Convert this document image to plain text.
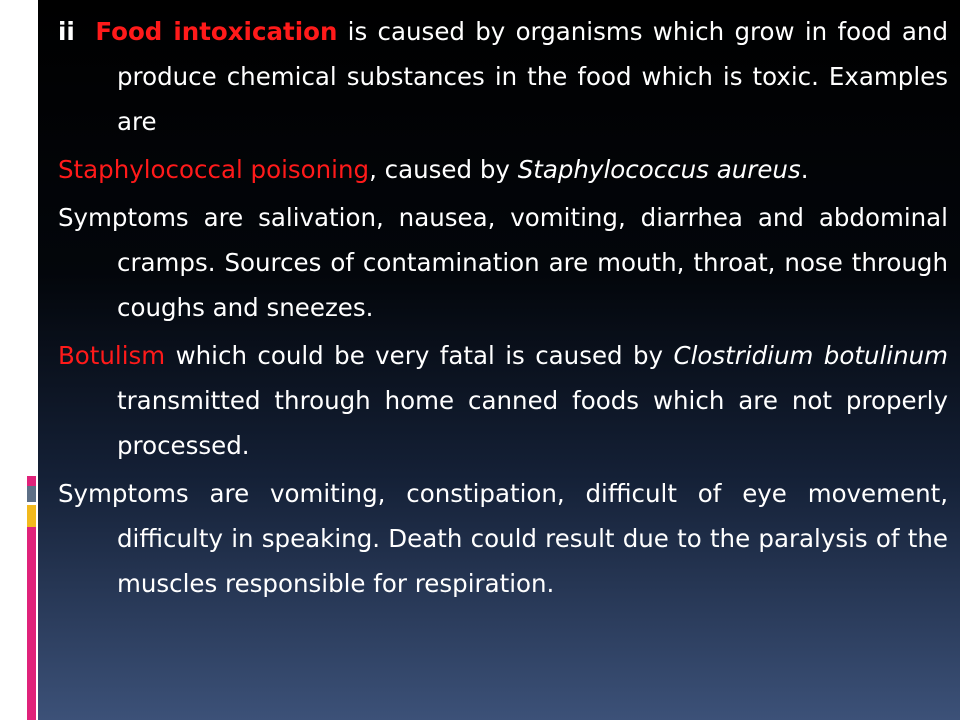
ii Food intoxication is caused by organisms which grow in food and produce chemical substances in the food which is toxic. Examples are

Staphylococcal poisoning, caused by Staphylococcus aureus.

Symptoms are salivation, nausea, vomiting, diarrhea and abdominal cramps. Sources of contamination are mouth, throat, nose through coughs and sneezes.

Botulism which could be very fatal is caused by Clostridium botulinum transmitted through home canned foods which are not properly processed.

Symptoms are vomiting, constipation, difficult of eye movement, difficulty in speaking. Death could result due to the paralysis of the muscles responsible for respiration.
